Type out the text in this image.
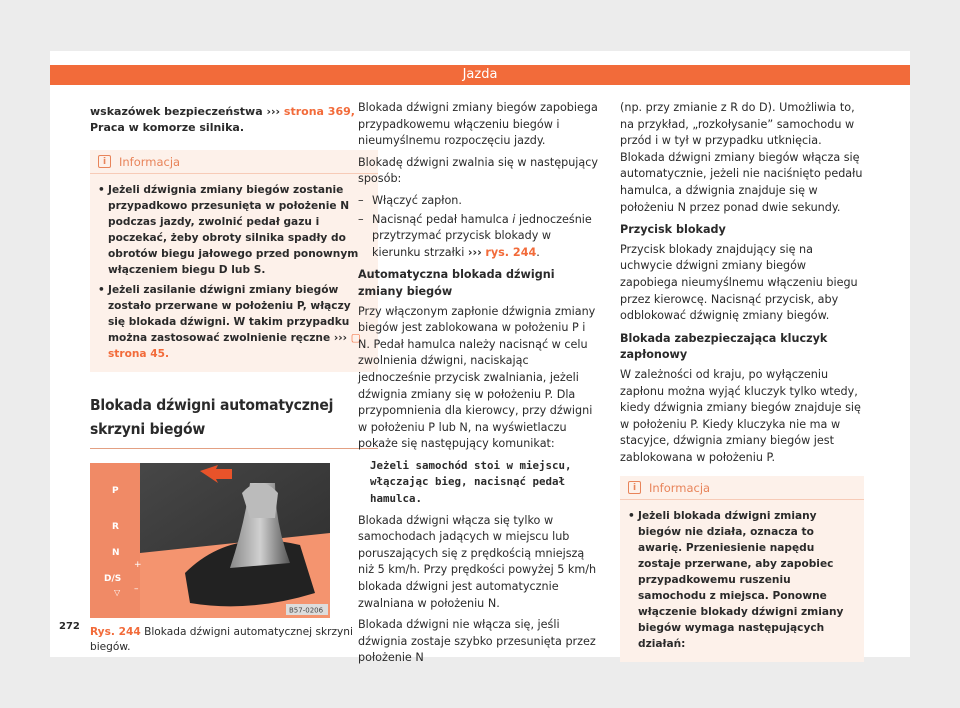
Jazda

wskazówek bezpieczeństwa ››› strona 369,
Praca w komorze silnika.

i	Informacja
• Jeżeli dźwignia zmiany biegów zostanie przypadkowo przesunięta w położenie N podczas jazdy, zwolnić pedał gazu i poczekać, żeby obroty silnika spadły do obrotów biegu jałowego przed ponownym włączeniem biegu D lub S.
• Jeżeli zasilanie dźwigni zmiany biegów zostało przerwane w położeniu P, włączy się blokada dźwigni. W takim przypadku można zastosować zwolnienie ręczne ››› ▢ strona 45.
Blokada dźwigni automatycznej
skrzyni biegów
P
R
N
D/S
+
–
▽
B57-0206
Rys. 244 Blokada dźwigni automatycznej skrzyni biegów.

Blokada dźwigni zmiany biegów zapobiega przypadkowemu włączeniu biegów i nieumyślnemu rozpoczęciu jazdy.

Blokadę dźwigni zwalnia się w następujący sposób:

– Włączyć zapłon.
– Nacisnąć pedał hamulca i jednocześnie przytrzymać przycisk blokady w kierunku strzałki ››› rys. 244.
Automatyczna blokada dźwigni zmiany biegów

Przy włączonym zapłonie dźwignia zmiany biegów jest zablokowana w położeniu P i N. Pedał hamulca należy nacisnąć w celu zwolnienia dźwigni, naciskając jednocześnie przycisk zwalniania, jeżeli dźwignia zmiany się w położeniu P. Dla przypomnienia dla kierowcy, przy dźwigni w położeniu P lub N, na wyświetlaczu pokaże się następujący komunikat:

Jeżeli samochód stoi w miejscu, włączając bieg, nacisnąć pedał hamulca.

Blokada dźwigni włącza się tylko w samochodach jadących w miejscu lub poruszających się z prędkością mniejszą niż 5 km/h. Przy prędkości powyżej 5 km/h blokada dźwigni jest automatycznie zwalniana w położeniu N.

Blokada dźwigni nie włącza się, jeśli dźwignia zostaje szybko przesunięta przez położenie N

(np. przy zmianie z R do D). Umożliwia to, na przykład, „rozkołysanie” samochodu w przód i w tył w przypadku utknięcia. Blokada dźwigni zmiany biegów włącza się automatycznie, jeżeli nie naciśnięto pedału hamulca, a dźwignia znajduje się w położeniu N przez ponad dwie sekundy.

Przycisk blokady

Przycisk blokady znajdujący się na uchwycie dźwigni zmiany biegów zapobiega nieumyślnemu włączeniu biegu przez kierowcę. Nacisnąć przycisk, aby odblokować dźwignię zmiany biegów.

Blokada zabezpieczająca kluczyk zapłonowy

W zależności od kraju, po wyłączeniu zapłonu można wyjąć kluczyk tylko wtedy, kiedy dźwignia zmiany biegów znajduje się w położeniu P. Kiedy kluczyka nie ma w stacyjce, dźwignia zmiany biegów jest zablokowana w położeniu P.

i	Informacja
• Jeżeli blokada dźwigni zmiany biegów nie działa, oznacza to awarię. Przeniesienie napędu zostaje przerwane, aby zapobiec przypadkowemu ruszeniu samochodu z miejsca. Ponowne włączenie blokady dźwigni zmiany biegów wymaga następujących działań:
272
